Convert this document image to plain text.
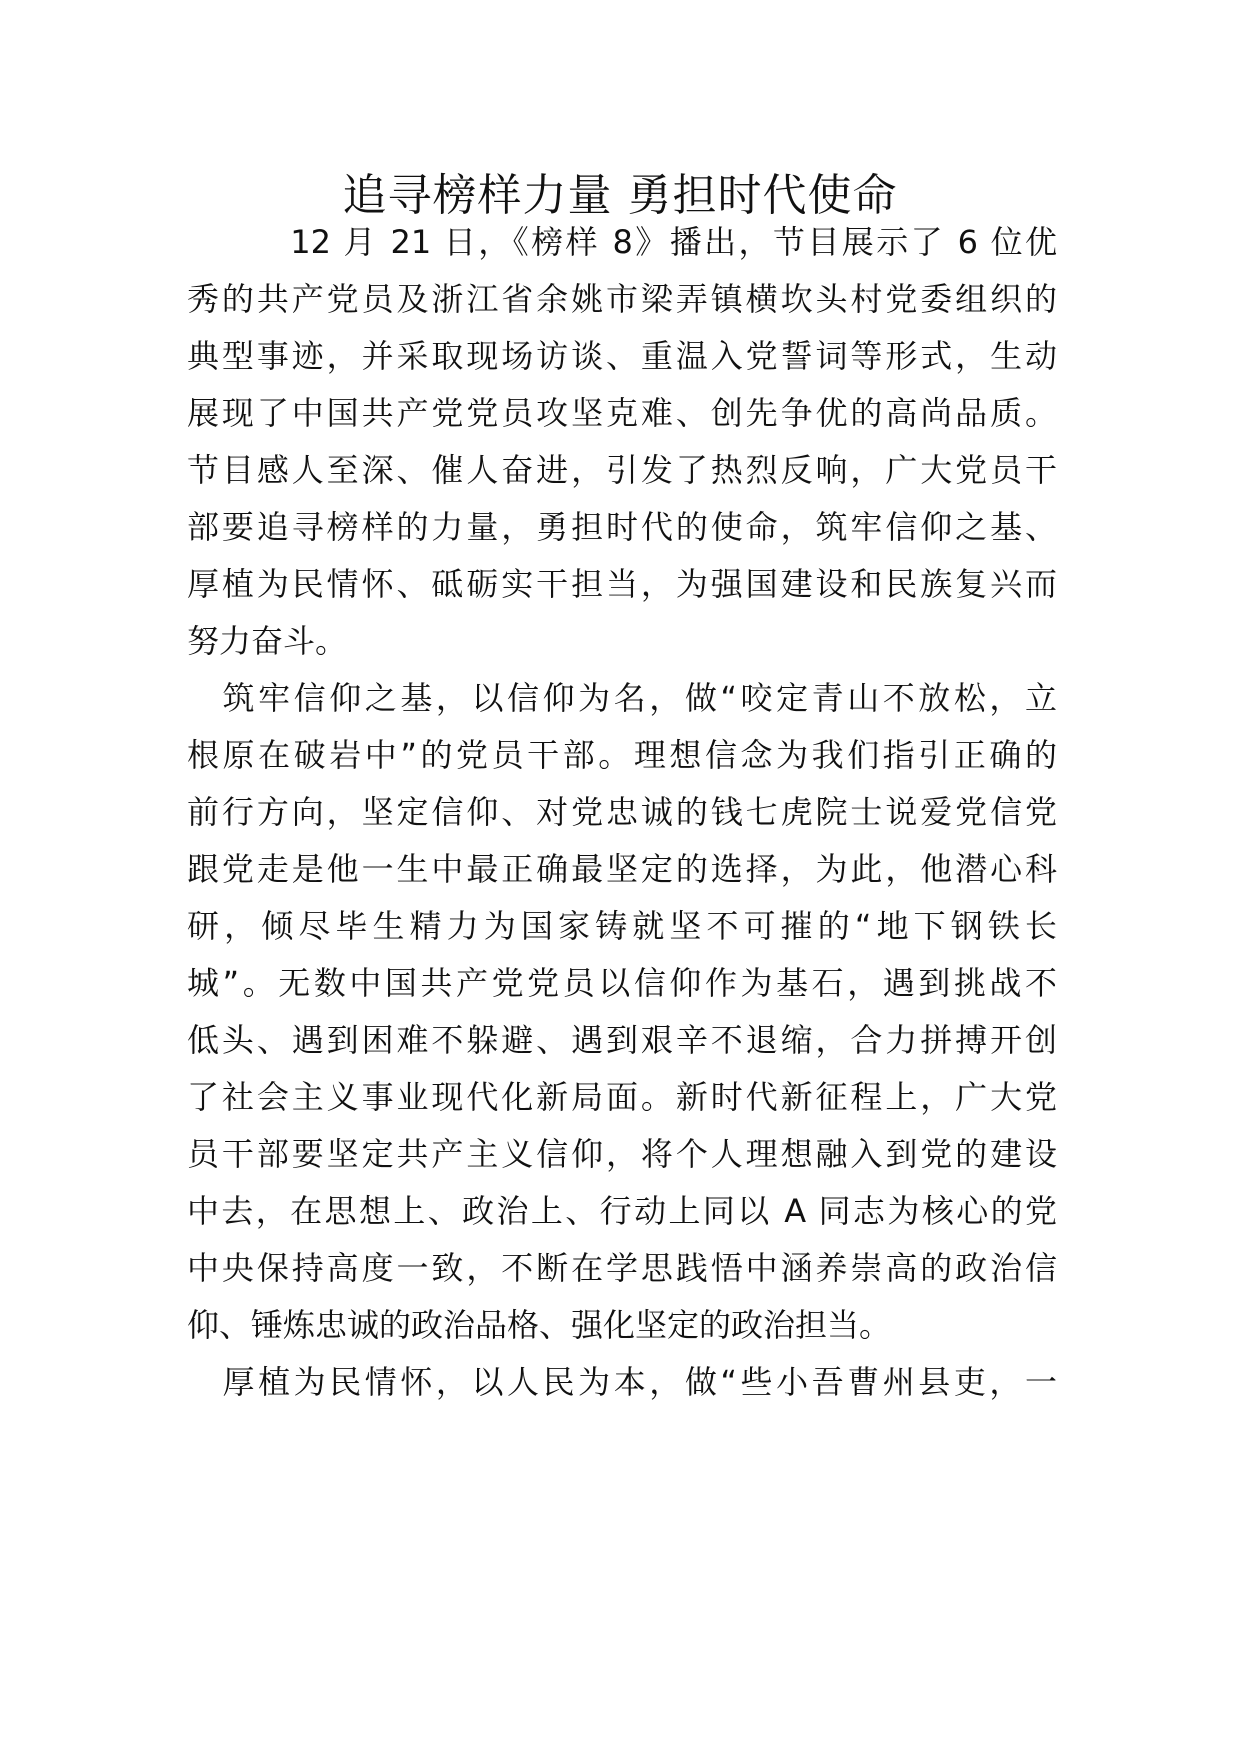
追寻榜样力量 勇担时代使命
　　　12 月 21 日，《榜样 8》播出，节目展示了 6 位优
秀的共产党员及浙江省余姚市梁弄镇横坎头村党委组织的
典型事迹，并采取现场访谈、重温入党誓词等形式，生动
展现了中国共产党党员攻坚克难、创先争优的高尚品质。
节目感人至深、催人奋进，引发了热烈反响，广大党员干
部要追寻榜样的力量，勇担时代的使命，筑牢信仰之基、
厚植为民情怀、砥砺实干担当，为强国建设和民族复兴而
努力奋斗。
　筑牢信仰之基，以信仰为名，做“咬定青山不放松，立
根原在破岩中”的党员干部。理想信念为我们指引正确的
前行方向，坚定信仰、对党忠诚的钱七虎院士说爱党信党
跟党走是他一生中最正确最坚定的选择，为此，他潜心科
研，倾尽毕生精力为国家铸就坚不可摧的“地下钢铁长
城”。无数中国共产党党员以信仰作为基石，遇到挑战不
低头、遇到困难不躲避、遇到艰辛不退缩，合力拼搏开创
了社会主义事业现代化新局面。新时代新征程上，广大党
员干部要坚定共产主义信仰，将个人理想融入到党的建设
中去，在思想上、政治上、行动上同以 A 同志为核心的党
中央保持高度一致，不断在学思践悟中涵养崇高的政治信
仰、锤炼忠诚的政治品格、强化坚定的政治担当。
　厚植为民情怀，以人民为本，做“些小吾曹州县吏，一
